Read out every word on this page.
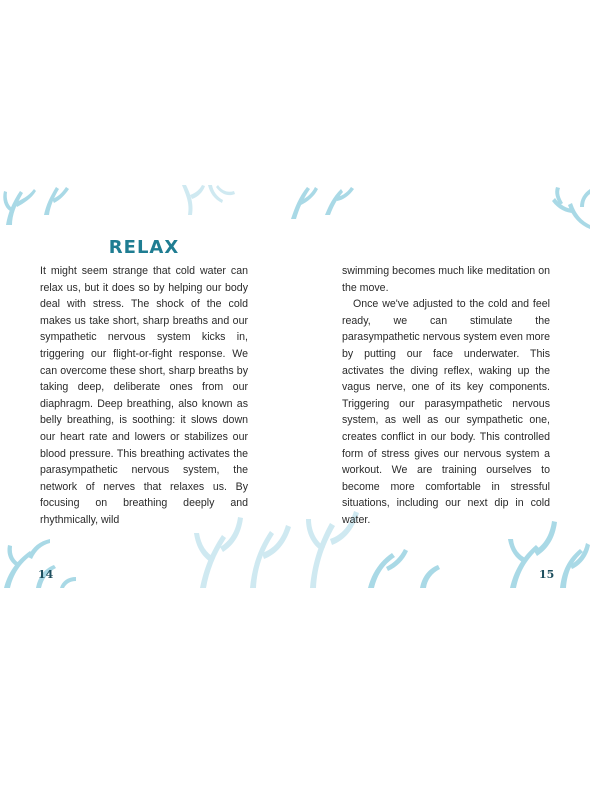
RELAX

It might seem strange that cold water can relax us, but it does so by helping our body deal with stress. The shock of the cold makes us take short, sharp breaths and our sympathetic nervous system kicks in, triggering our flight-or-fight response. We can overcome these short, sharp breaths by taking deep, deliberate ones from our diaphragm. Deep breathing, also known as belly breathing, is soothing: it slows down our heart rate and lowers or stabilizes our blood pressure. This breathing activates the parasympathetic nervous system, the network of nerves that relaxes us. By focusing on breathing deeply and rhythmically, wild

14

swimming becomes much like meditation on the move.

Once we've adjusted to the cold and feel ready, we can stimulate the parasympathetic nervous system even more by putting our face underwater. This activates the diving reflex, waking up the vagus nerve, one of its key components. Triggering our parasympathetic nervous system, as well as our sympathetic one, creates conflict in our body. This controlled form of stress gives our nervous system a workout. We are training ourselves to become more comfortable in stressful situations, including our next dip in cold water.

15
